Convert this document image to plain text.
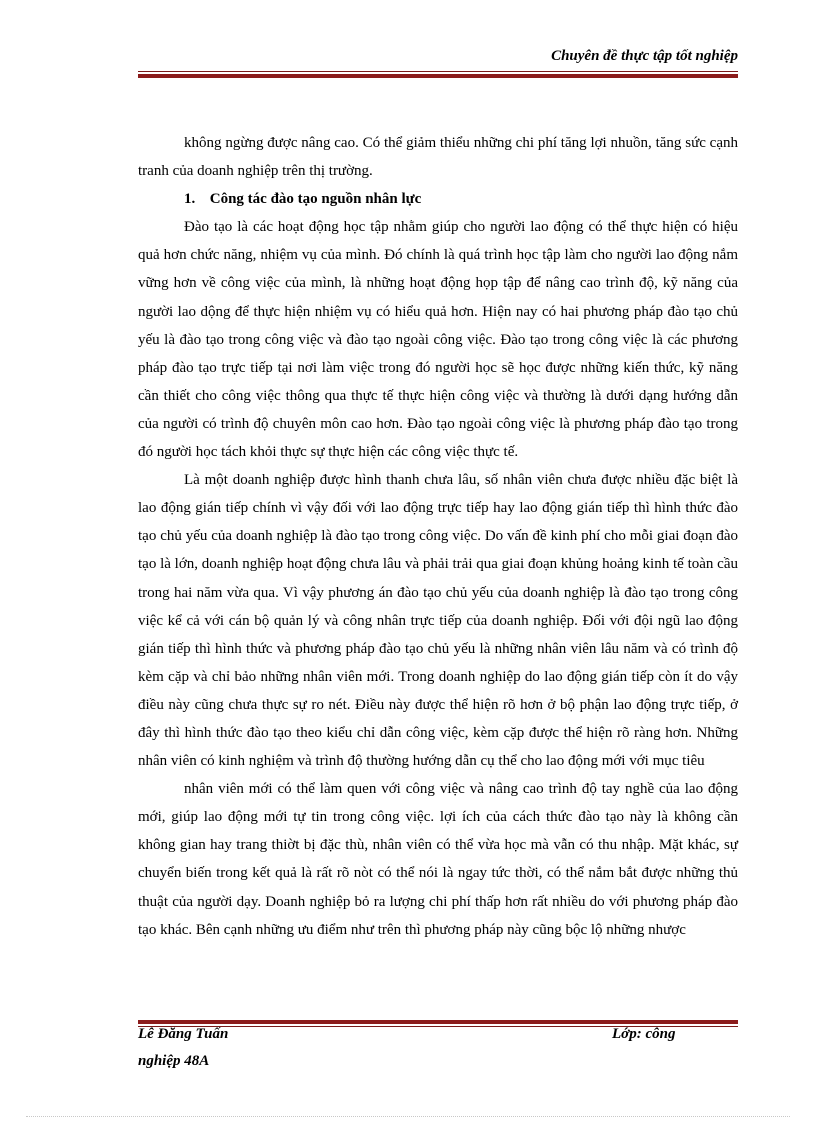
Chuyên đề thực tập tốt nghiệp

không ngừng được nâng cao. Có thể giảm thiểu những chi phí tăng lợi nhuồn, tăng sức cạnh tranh của doanh nghiệp trên thị trường.

1. Công tác đào tạo nguồn nhân lực

Đào tạo là các hoạt động học tập nhằm giúp cho người lao động có thể thực hiện có hiệu quả hơn chức năng, nhiệm vụ của mình. Đó chính là quá trình học tập làm cho người lao động nắm vững hơn về công việc của mình, là những hoạt động họp tập để nâng cao trình độ, kỹ năng của người lao dộng để thực hiện nhiệm vụ có hiểu quả hơn. Hiện nay có hai phương pháp đào tạo chủ yếu là đào tạo trong công việc và đào tạo ngoài công việc. Đào tạo trong công việc là các phương pháp đào tạo trực tiếp tại nơi làm việc trong đó người học sẽ học được những kiến thức, kỹ năng cần thiết cho công việc thông qua thực tế thực hiện công việc và thường là dưới dạng hướng dẫn của người có trình độ chuyên môn cao hơn. Đào tạo ngoài công việc là phương pháp đào tạo trong đó người học tách khỏi thực sự thực hiện các công việc thực tế.

Là một doanh nghiệp được hình thanh chưa lâu, số nhân viên chưa được nhiều đặc biệt là lao động gián tiếp chính vì vậy đối với lao động trực tiếp hay lao động gián tiếp thì hình thức đào tạo chủ yếu của doanh nghiệp là đào tạo trong công việc. Do vấn đề kinh phí cho mỗi giai đoạn đào tạo là lớn, doanh nghiệp hoạt động chưa lâu và phải trải qua giai đoạn khủng hoảng kinh tế toàn cầu trong hai năm vừa qua. Vì vậy phương án đào tạo chủ yếu của doanh nghiệp là đào tạo trong công việc kể cả với cán bộ quản lý và công nhân trực tiếp của doanh nghiệp. Đối với đội ngũ lao động gián tiếp thì hình thức và phương pháp đào tạo chủ yếu là những nhân viên lâu năm và có trình độ kèm cặp và chỉ bảo những nhân viên mới. Trong doanh nghiệp do lao động gián tiếp còn ít do vậy điều này cũng chưa thực sự ro nét. Điều này được thể hiện rõ hơn ở bộ phận lao động trực tiếp, ở đây thì hình thức đào tạo theo kiểu chỉ dẫn công việc, kèm cặp được thể hiện rõ ràng hơn. Những nhân viên có kinh nghiệm và trình độ thường hướng dẫn cụ thể cho lao động mới với mục tiêu

nhân viên mới có thể làm quen với công việc và nâng cao trình độ tay nghề của lao động mới, giúp lao động mới tự tin trong công việc. lợi ích của cách thức đào tạo này là không cần không gian hay trang thiờt bị đặc thù, nhân viên có thể vừa học mà vẫn có thu nhập. Mặt khác, sự chuyển biến trong kết quả là rất rõ nòt có thể nói là ngay tức thời, có thể nắm bắt được những thủ thuật của người dạy. Doanh nghiệp bỏ ra lượng chi phí thấp hơn rất nhiều do với phương pháp đào tạo khác. Bên cạnh những ưu điểm như trên thì phương pháp này cũng bộc lộ những nhược

Lê Đăng Tuấn	Lớp: công
nghiệp 48A
